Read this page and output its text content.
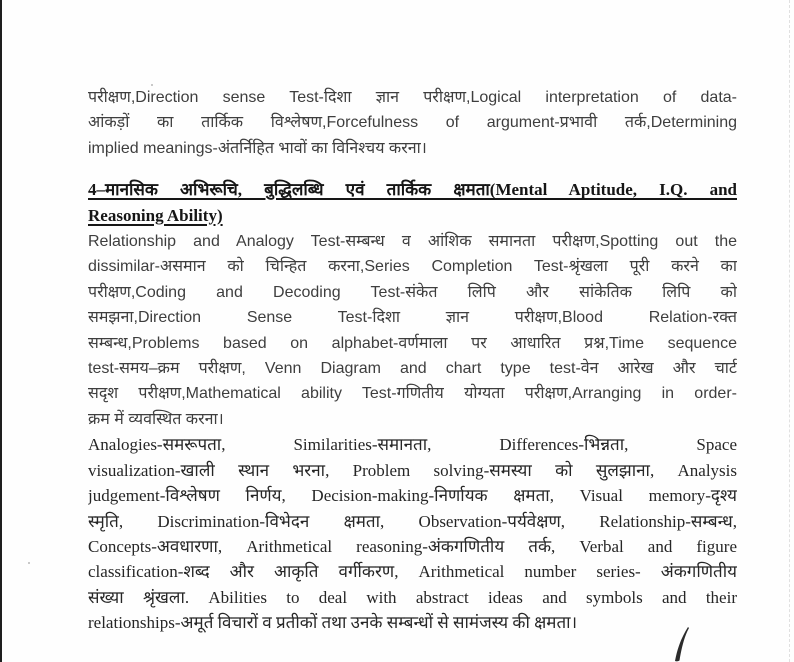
परीक्षण,Direction sense Test-दिशा ज्ञान परीक्षण,Logical interpretation of data-
आंकड़ों का तार्किक विश्लेषण,Forcefulness of argument-प्रभावी तर्क,Determining
implied meanings-अंतर्निहित भावों का विनिश्चय करना।
4–मानसिक अभिरूचि, बुद्धिलब्धि एवं तार्किक क्षमता(Mental Aptitude, I.Q. and
Reasoning Ability)
Relationship and Analogy Test-सम्बन्ध व आंशिक समानता परीक्षण,Spotting out the
dissimilar-असमान को चिन्हित करना,Series Completion Test-श्रृंखला पूरी करने का
परीक्षण,Coding and Decoding Test-संकेत लिपि और सांकेतिक लिपि को
समझना,Direction Sense Test-दिशा ज्ञान परीक्षण,Blood Relation-रक्त
सम्बन्ध,Problems based on alphabet-वर्णमाला पर आधारित प्रश्न,Time sequence
test-समय–क्रम परीक्षण, Venn Diagram and chart type test-वेन आरेख और चार्ट
सदृश परीक्षण,Mathematical ability Test-गणितीय योग्यता परीक्षण,Arranging in order-
क्रम में व्यवस्थित करना।
Analogies-समरूपता, Similarities-समानता, Differences-भिन्नता, Space
visualization-खाली स्थान भरना, Problem solving-समस्या को सुलझाना, Analysis
judgement-विश्लेषण निर्णय, Decision-making-निर्णायक क्षमता, Visual memory-दृश्य
स्मृति, Discrimination-विभेदन क्षमता, Observation-पर्यवेक्षण, Relationship-सम्बन्ध,
Concepts-अवधारणा, Arithmetical reasoning-अंकगणितीय तर्क, Verbal and figure
classification-शब्द और आकृति वर्गीकरण, Arithmetical number series- अंकगणितीय
संख्या श्रृंखला. Abilities to deal with abstract ideas and symbols and their
relationships-अमूर्त विचारों व प्रतीकों तथा उनके सम्बन्धों से सामंजस्य की क्षमता।
